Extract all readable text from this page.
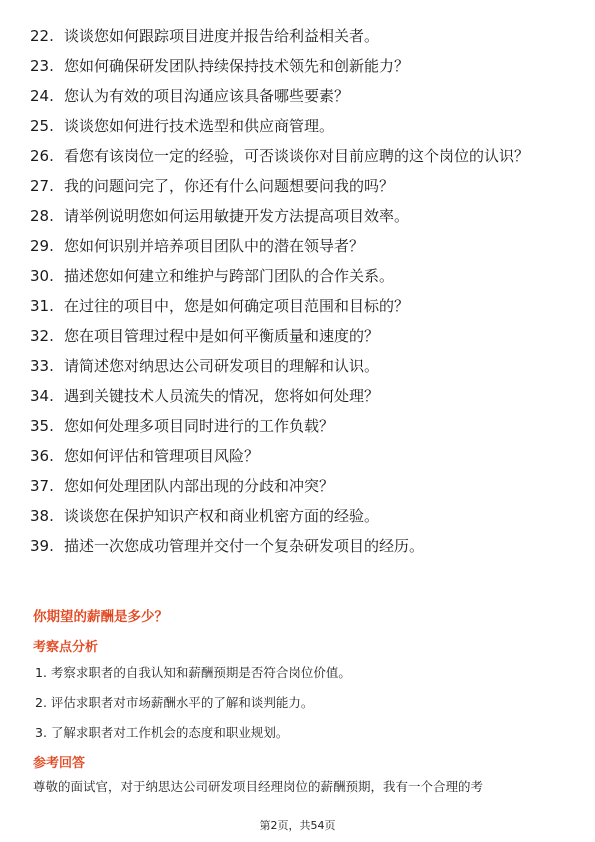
22. 谈谈您如何跟踪项目进度并报告给利益相关者。
23. 您如何确保研发团队持续保持技术领先和创新能力？
24. 您认为有效的项目沟通应该具备哪些要素？
25. 谈谈您如何进行技术选型和供应商管理。
26. 看您有该岗位一定的经验，可否谈谈你对目前应聘的这个岗位的认识？
27. 我的问题问完了，你还有什么问题想要问我的吗？
28. 请举例说明您如何运用敏捷开发方法提高项目效率。
29. 您如何识别并培养项目团队中的潜在领导者？
30. 描述您如何建立和维护与跨部门团队的合作关系。
31. 在过往的项目中，您是如何确定项目范围和目标的？
32. 您在项目管理过程中是如何平衡质量和速度的？
33. 请简述您对纳思达公司研发项目的理解和认识。
34. 遇到关键技术人员流失的情况，您将如何处理？
35. 您如何处理多项目同时进行的工作负载？
36. 您如何评估和管理项目风险？
37. 您如何处理团队内部出现的分歧和冲突？
38. 谈谈您在保护知识产权和商业机密方面的经验。
39. 描述一次您成功管理并交付一个复杂研发项目的经历。
你期望的薪酬是多少？
考察点分析
1. 考察求职者的自我认知和薪酬预期是否符合岗位价值。
2. 评估求职者对市场薪酬水平的了解和谈判能力。
3. 了解求职者对工作机会的态度和职业规划。
参考回答

尊敬的面试官，对于纳思达公司研发项目经理岗位的薪酬预期，我有一个合理的考

第2页，共54页
